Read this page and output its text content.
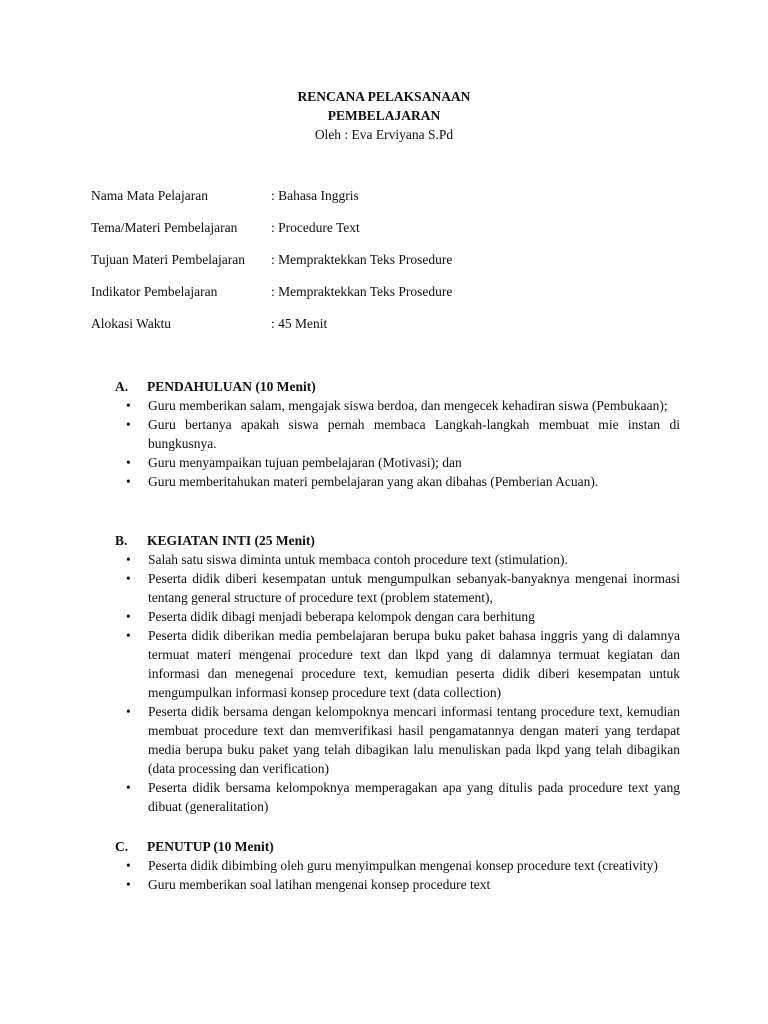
RENCANA PELAKSANAAN
PEMBELAJARAN
Oleh : Eva Erviyana S.Pd
Nama Mata Pelajaran	: Bahasa Inggris
Tema/Materi Pembelajaran	: Procedure Text
Tujuan Materi Pembelajaran	: Mempraktekkan Teks Prosedure
Indikator Pembelajaran	: Mempraktekkan Teks Prosedure
Alokasi Waktu	: 45 Menit
A.	PENDAHULUAN (10 Menit)
• Guru memberikan salam, mengajak siswa berdoa, dan mengecek kehadiran siswa (Pembukaan);
• Guru bertanya apakah siswa pernah membaca Langkah-langkah membuat mie instan di bungkusnya.
• Guru menyampaikan tujuan pembelajaran (Motivasi); dan
• Guru memberitahukan materi pembelajaran yang akan dibahas (Pemberian Acuan).
B.	KEGIATAN INTI (25 Menit)
• Salah satu siswa diminta untuk membaca contoh procedure text (stimulation).
• Peserta didik diberi kesempatan untuk mengumpulkan sebanyak-banyaknya mengenai inormasi tentang general structure of procedure text (problem statement),
• Peserta didik dibagi menjadi beberapa kelompok dengan cara berhitung
• Peserta didik diberikan media pembelajaran berupa buku paket bahasa inggris yang di dalamnya termuat materi mengenai procedure text dan lkpd yang di dalamnya termuat kegiatan dan informasi dan menegenai procedure text, kemudian peserta didik diberi kesempatan untuk mengumpulkan informasi konsep procedure text (data collection)
• Peserta didik bersama dengan kelompoknya mencari informasi tentang procedure text, kemudian membuat procedure text dan memverifikasi hasil pengamatannya dengan materi yang terdapat media berupa buku paket yang telah dibagikan lalu menuliskan pada lkpd yang telah dibagikan (data processing dan verification)
• Peserta didik bersama kelompoknya memperagakan apa yang ditulis pada procedure text yang dibuat (generalitation)
C.	PENUTUP (10 Menit)
• Peserta didik dibimbing oleh guru menyimpulkan mengenai konsep procedure text (creativity)
• Guru memberikan soal latihan mengenai konsep procedure text
